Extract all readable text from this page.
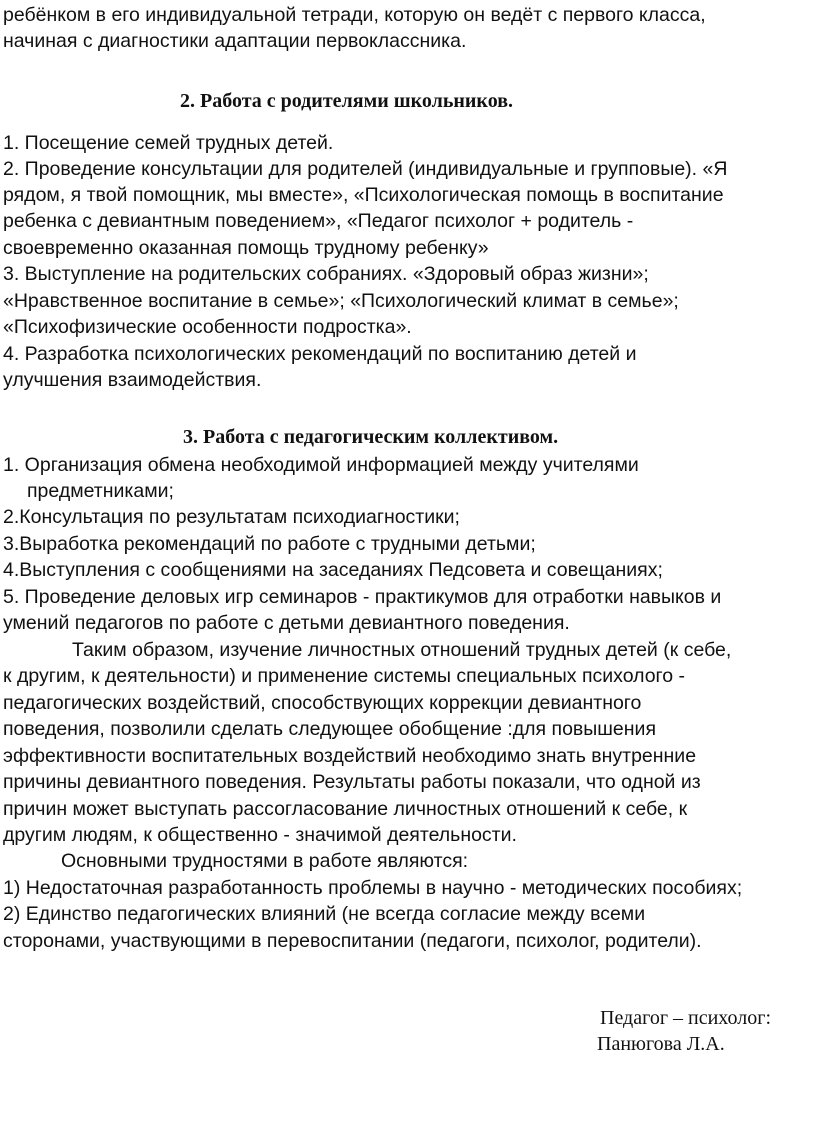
ребёнком в его индивидуальной тетради, которую он ведёт с первого класса,
начиная с диагностики адаптации первоклассника.
2. Работа с родителями школьников.
1. Посещение семей трудных детей.
2. Проведение консультации для родителей (индивидуальные и групповые). «Я
рядом, я твой помощник, мы вместе», «Психологическая помощь в воспитание
ребенка с девиантным поведением», «Педагог психолог + родитель -
своевременно оказанная помощь трудному ребенку»
3. Выступление на родительских собраниях. «Здоровый образ жизни»;
«Нравственное воспитание в семье»; «Психологический климат в семье»;
«Психофизические особенности подростка».
4. Разработка психологических рекомендаций по воспитанию детей и
улучшения взаимодействия.
3. Работа с педагогическим коллективом.
1. Организация обмена необходимой информацией между учителями
предметниками;
2.Консультация по результатам психодиагностики;
3.Выработка рекомендаций по работе с трудными детьми;
4.Выступления с сообщениями на заседаниях Педсовета и совещаниях;
5. Проведение деловых игр семинаров - практикумов для отработки навыков и
умений педагогов по работе с детьми девиантного поведения.
Таким образом, изучение личностных отношений трудных детей (к себе,
к другим, к деятельности) и применение системы специальных психолого -
педагогических воздействий, способствующих коррекции девиантного
поведения, позволили сделать следующее обобщение :для повышения
эффективности воспитательных воздействий необходимо знать внутренние
причины девиантного поведения. Результаты работы показали, что одной из
причин может выступать рассогласование личностных отношений к себе, к
другим людям, к общественно - значимой деятельности.
Основными трудностями в работе являются:
1) Недостаточная разработанность проблемы в научно - методических пособиях;
2) Единство педагогических влияний (не всегда согласие между всеми
сторонами, участвующими в перевоспитании (педагоги, психолог, родители).
Педагог – психолог:
Панюгова Л.А.
